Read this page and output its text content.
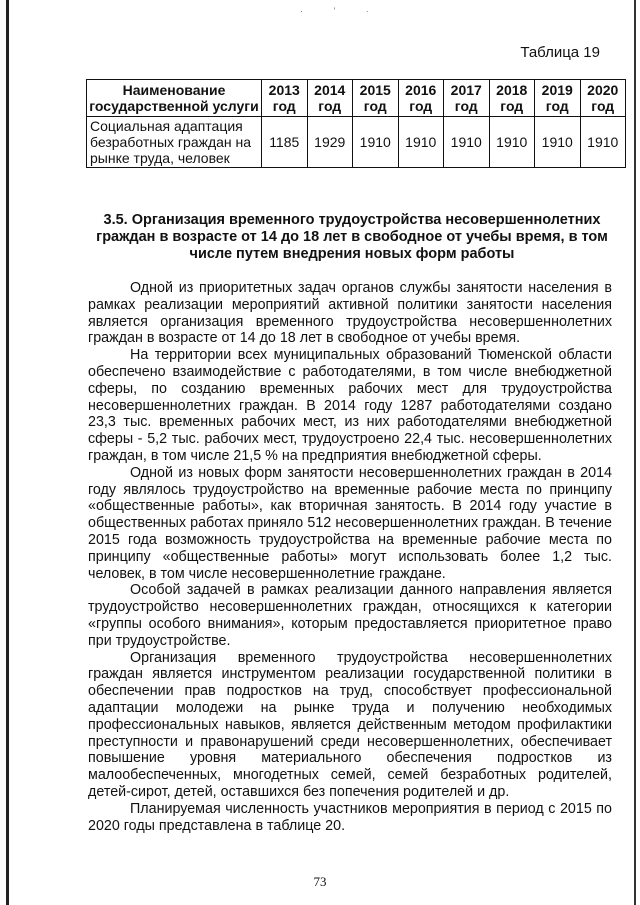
· ' ·
Таблица 19
Наименование государственной услуги	2013 год	2014 год	2015 год	2016 год	2017 год	2018 год	2019 год	2020 год
Социальная адаптация безработных граждан на рынке труда, человек	1185	1929	1910	1910	1910	1910	1910	1910
3.5. Организация временного трудоустройства несовершеннолетних граждан в возрасте от 14 до 18 лет в свободное от учебы время, в том числе путем внедрения новых форм работы

Одной из приоритетных задач органов службы занятости населения в рамках реализации мероприятий активной политики занятости населения является организация временного трудоустройства несовершеннолетних граждан в возрасте от 14 до 18 лет в свободное от учебы время.

На территории всех муниципальных образований Тюменской области обеспечено взаимодействие с работодателями, в том числе внебюджетной сферы, по созданию временных рабочих мест для трудоустройства несовершеннолетних граждан. В 2014 году 1287 работодателями создано 23,3 тыс. временных рабочих мест, из них работодателями внебюджетной сферы - 5,2 тыс. рабочих мест, трудоустроено 22,4 тыс. несовершеннолетних граждан, в том числе 21,5 % на предприятия внебюджетной сферы.

Одной из новых форм занятости несовершеннолетних граждан в 2014 году являлось трудоустройство на временные рабочие места по принципу «общественные работы», как вторичная занятость. В 2014 году участие в общественных работах приняло 512 несовершеннолетних граждан. В течение 2015 года возможность трудоустройства на временные рабочие места по принципу «общественные работы» могут использовать более 1,2 тыс. человек, в том числе несовершеннолетние граждане.

Особой задачей в рамках реализации данного направления является трудоустройство несовершеннолетних граждан, относящихся к категории «группы особого внимания», которым предоставляется приоритетное право при трудоустройстве.

Организация временного трудоустройства несовершеннолетних граждан является инструментом реализации государственной политики в обеспечении прав подростков на труд, способствует профессиональной адаптации молодежи на рынке труда и получению необходимых профессиональных навыков, является действенным методом профилактики преступности и правонарушений среди несовершеннолетних, обеспечивает повышение уровня материального обеспечения подростков из малообеспеченных, многодетных семей, семей безработных родителей, детей-сирот, детей, оставшихся без попечения родителей и др.

Планируемая численность участников мероприятия в период с 2015 по 2020 годы представлена в таблице 20.

73
